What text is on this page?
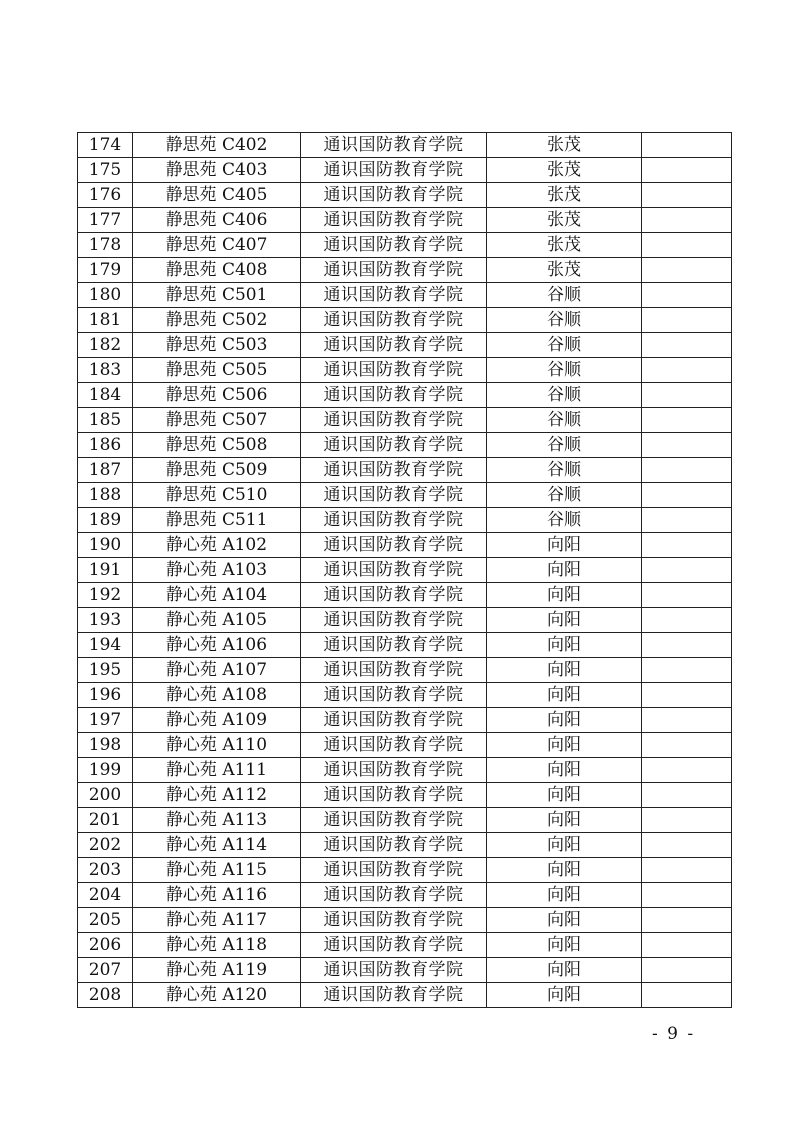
174	静思苑 C402	通识国防教育学院	张茂	
175	静思苑 C403	通识国防教育学院	张茂	
176	静思苑 C405	通识国防教育学院	张茂	
177	静思苑 C406	通识国防教育学院	张茂	
178	静思苑 C407	通识国防教育学院	张茂	
179	静思苑 C408	通识国防教育学院	张茂	
180	静思苑 C501	通识国防教育学院	谷顺	
181	静思苑 C502	通识国防教育学院	谷顺	
182	静思苑 C503	通识国防教育学院	谷顺	
183	静思苑 C505	通识国防教育学院	谷顺	
184	静思苑 C506	通识国防教育学院	谷顺	
185	静思苑 C507	通识国防教育学院	谷顺	
186	静思苑 C508	通识国防教育学院	谷顺	
187	静思苑 C509	通识国防教育学院	谷顺	
188	静思苑 C510	通识国防教育学院	谷顺	
189	静思苑 C511	通识国防教育学院	谷顺	
190	静心苑 A102	通识国防教育学院	向阳	
191	静心苑 A103	通识国防教育学院	向阳	
192	静心苑 A104	通识国防教育学院	向阳	
193	静心苑 A105	通识国防教育学院	向阳	
194	静心苑 A106	通识国防教育学院	向阳	
195	静心苑 A107	通识国防教育学院	向阳	
196	静心苑 A108	通识国防教育学院	向阳	
197	静心苑 A109	通识国防教育学院	向阳	
198	静心苑 A110	通识国防教育学院	向阳	
199	静心苑 A111	通识国防教育学院	向阳	
200	静心苑 A112	通识国防教育学院	向阳	
201	静心苑 A113	通识国防教育学院	向阳	
202	静心苑 A114	通识国防教育学院	向阳	
203	静心苑 A115	通识国防教育学院	向阳	
204	静心苑 A116	通识国防教育学院	向阳	
205	静心苑 A117	通识国防教育学院	向阳	
206	静心苑 A118	通识国防教育学院	向阳	
207	静心苑 A119	通识国防教育学院	向阳	
208	静心苑 A120	通识国防教育学院	向阳	
- 9 -
